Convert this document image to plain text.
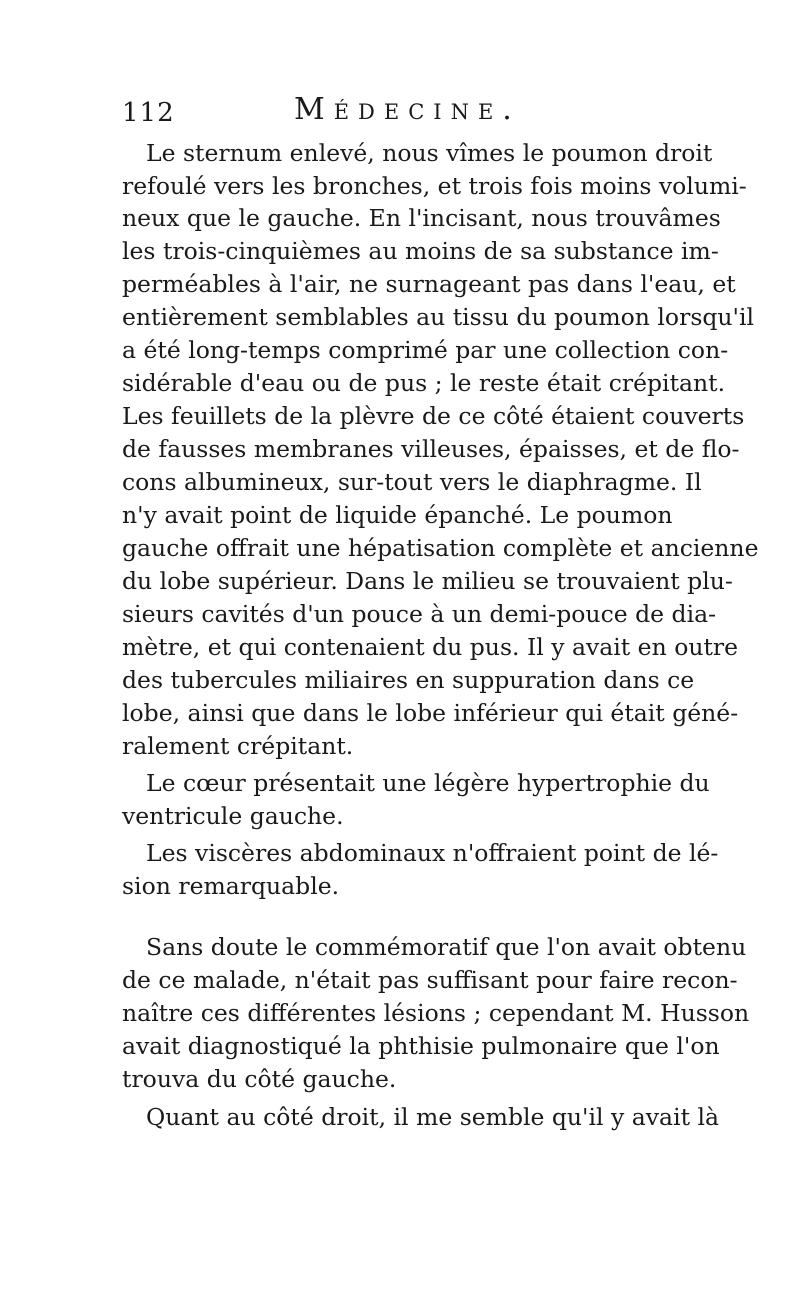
112	Médecine.
Le sternum enlevé, nous vîmes le poumon droit
refoulé vers les bronches, et trois fois moins volumi-
neux que le gauche. En l'incisant, nous trouvâmes
les trois-cinquièmes au moins de sa substance im-
perméables à l'air, ne surnageant pas dans l'eau, et
entièrement semblables au tissu du poumon lorsqu'il
a été long-temps comprimé par une collection con-
sidérable d'eau ou de pus ; le reste était crépitant.
Les feuillets de la plèvre de ce côté étaient couverts
de fausses membranes villeuses, épaisses, et de flo-
cons albumineux, sur-tout vers le diaphragme. Il
n'y avait point de liquide épanché. Le poumon
gauche offrait une hépatisation complète et ancienne
du lobe supérieur. Dans le milieu se trouvaient plu-
sieurs cavités d'un pouce à un demi-pouce de dia-
mètre, et qui contenaient du pus. Il y avait en outre
des tubercules miliaires en suppuration dans ce
lobe, ainsi que dans le lobe inférieur qui était géné-
ralement crépitant.
Le cœur présentait une légère hypertrophie du
ventricule gauche.
Les viscères abdominaux n'offraient point de lé-
sion remarquable.
Sans doute le commémoratif que l'on avait obtenu
de ce malade, n'était pas suffisant pour faire recon-
naître ces différentes lésions ; cependant M. Husson
avait diagnostiqué la phthisie pulmonaire que l'on
trouva du côté gauche.
Quant au côté droit, il me semble qu'il y avait là
